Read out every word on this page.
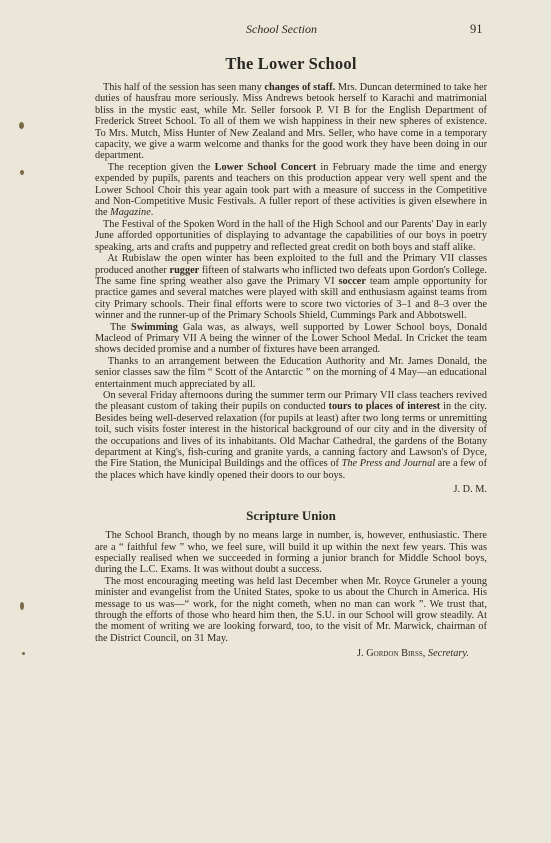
School Section	91
The Lower School

This half of the session has seen many changes of staff. Mrs. Duncan determined to take her duties of hausfrau more seriously. Miss Andrews betook herself to Karachi and matrimonial bliss in the mystic east, while Mr. Seller forsook P. VI B for the English Department of Frederick Street School. To all of them we wish happiness in their new spheres of existence. To Mrs. Mutch, Miss Hunter of New Zealand and Mrs. Seller, who have come in a temporary capacity, we give a warm welcome and thanks for the good work they have been doing in our department.

The reception given the Lower School Concert in February made the time and energy expended by pupils, parents and teachers on this production appear very well spent and the Lower School Choir this year again took part with a measure of success in the Competitive and Non-Competitive Music Festivals. A fuller report of these activities is given elsewhere in the Magazine.

The Festival of the Spoken Word in the hall of the High School and our Parents' Day in early June afforded opportunities of displaying to advantage the capabilities of our boys in poetry speaking, arts and crafts and puppetry and reflected great credit on both boys and staff alike.

At Rubislaw the open winter has been exploited to the full and the Primary VII classes produced another rugger fifteen of stalwarts who inflicted two defeats upon Gordon's College. The same fine spring weather also gave the Primary VI soccer team ample opportunity for practice games and several matches were played with skill and enthusiasm against teams from city Primary schools. Their final efforts were to score two victories of 3–1 and 8–3 over the winner and the runner-up of the Primary Schools Shield, Cummings Park and Abbotswell.

The Swimming Gala was, as always, well supported by Lower School boys, Donald Macleod of Primary VII A being the winner of the Lower School Medal. In Cricket the team shows decided promise and a number of fixtures have been arranged.

Thanks to an arrangement between the Education Authority and Mr. James Donald, the senior classes saw the film “ Scott of the Antarctic ” on the morning of 4 May—an educational entertainment much appreciated by all.

On several Friday afternoons during the summer term our Primary VII class teachers revived the pleasant custom of taking their pupils on conducted tours to places of interest in the city. Besides being well-deserved relaxation (for pupils at least) after two long terms or unremitting toil, such visits foster interest in the historical background of our city and in the diversity of the occupations and lives of its inhabitants. Old Machar Cathedral, the gardens of the Botany department at King's, fish-curing and granite yards, a canning factory and Lawson's of Dyce, the Fire Station, the Municipal Buildings and the offices of The Press and Journal are a few of the places which have kindly opened their doors to our boys.

J. D. M.
Scripture Union

The School Branch, though by no means large in number, is, however, enthusiastic. There are a “ faithful few ” who, we feel sure, will build it up within the next few years. This was especially realised when we succeeded in forming a junior branch for Middle School boys, during the L.C. Exams. It was without doubt a success.

The most encouraging meeting was held last December when Mr. Royce Gruneler a young minister and evangelist from the United States, spoke to us about the Church in America. His message to us was—“ work, for the night cometh, when no man can work ”. We trust that, through the efforts of those who heard him then, the S.U. in our School will grow steadily. At the moment of writing we are looking forward, too, to the visit of Mr. Marwick, chairman of the District Council, on 31 May.

J. Gordon Birss, Secretary.
